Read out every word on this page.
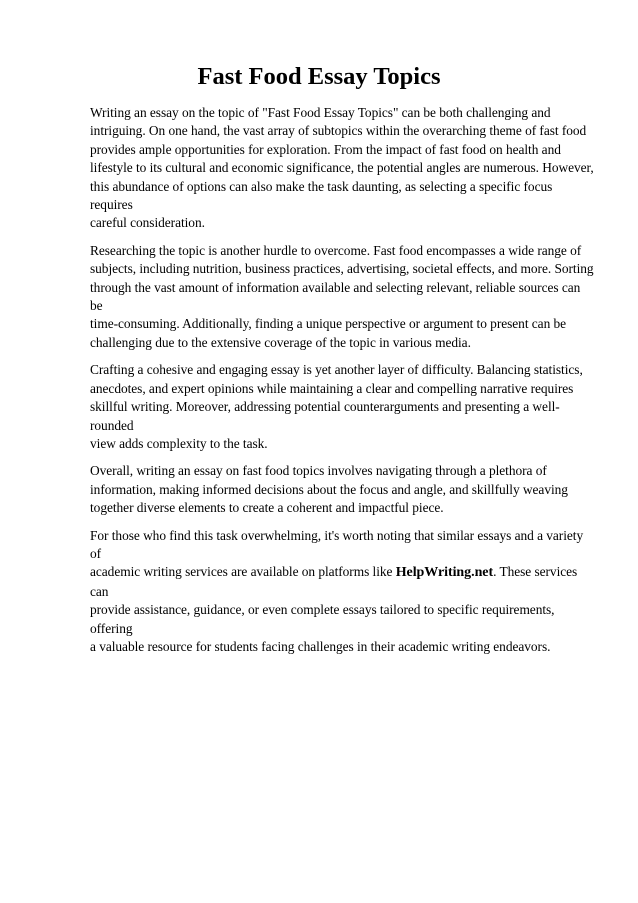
Fast Food Essay Topics

Writing an essay on the topic of "Fast Food Essay Topics" can be both challenging and
intriguing. On one hand, the vast array of subtopics within the overarching theme of fast food
provides ample opportunities for exploration. From the impact of fast food on health and
lifestyle to its cultural and economic significance, the potential angles are numerous. However,
this abundance of options can also make the task daunting, as selecting a specific focus requires
careful consideration.

Researching the topic is another hurdle to overcome. Fast food encompasses a wide range of
subjects, including nutrition, business practices, advertising, societal effects, and more. Sorting
through the vast amount of information available and selecting relevant, reliable sources can be
time-consuming. Additionally, finding a unique perspective or argument to present can be
challenging due to the extensive coverage of the topic in various media.

Crafting a cohesive and engaging essay is yet another layer of difficulty. Balancing statistics,
anecdotes, and expert opinions while maintaining a clear and compelling narrative requires
skillful writing. Moreover, addressing potential counterarguments and presenting a well-rounded
view adds complexity to the task.

Overall, writing an essay on fast food topics involves navigating through a plethora of
information, making informed decisions about the focus and angle, and skillfully weaving
together diverse elements to create a coherent and impactful piece.

For those who find this task overwhelming, it's worth noting that similar essays and a variety of
academic writing services are available on platforms like HelpWriting.net. These services can
provide assistance, guidance, or even complete essays tailored to specific requirements, offering
a valuable resource for students facing challenges in their academic writing endeavors.
